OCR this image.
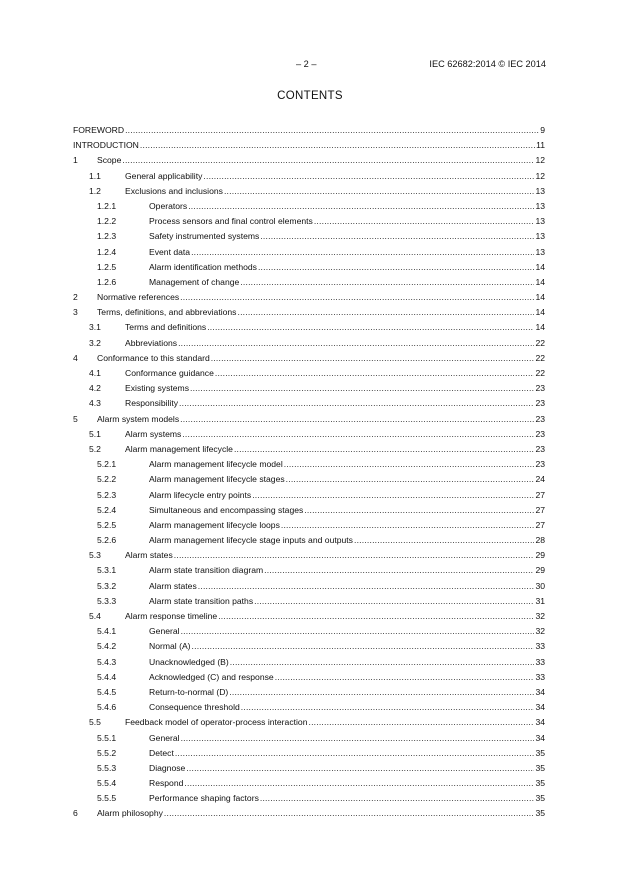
– 2 –	IEC 62682:2014 © IEC 2014
CONTENTS
FOREWORD .....	9
INTRODUCTION .....	11
1	Scope .....	12
1.1	General applicability .....	12
1.2	Exclusions and inclusions .....	13
1.2.1	Operators .....	13
1.2.2	Process sensors and final control elements .....	13
1.2.3	Safety instrumented systems .....	13
1.2.4	Event data .....	13
1.2.5	Alarm identification methods .....	14
1.2.6	Management of change .....	14
2	Normative references .....	14
3	Terms, definitions, and abbreviations .....	14
3.1	Terms and definitions .....	14
3.2	Abbreviations .....	22
4	Conformance to this standard .....	22
4.1	Conformance guidance .....	22
4.2	Existing systems .....	23
4.3	Responsibility .....	23
5	Alarm system models .....	23
5.1	Alarm systems .....	23
5.2	Alarm management lifecycle .....	23
5.2.1	Alarm management lifecycle model .....	23
5.2.2	Alarm management lifecycle stages .....	24
5.2.3	Alarm lifecycle entry points .....	27
5.2.4	Simultaneous and encompassing stages .....	27
5.2.5	Alarm management lifecycle loops .....	27
5.2.6	Alarm management lifecycle stage inputs and outputs .....	28
5.3	Alarm states .....	29
5.3.1	Alarm state transition diagram .....	29
5.3.2	Alarm states .....	30
5.3.3	Alarm state transition paths .....	31
5.4	Alarm response timeline .....	32
5.4.1	General .....	32
5.4.2	Normal (A) .....	33
5.4.3	Unacknowledged (B) .....	33
5.4.4	Acknowledged (C) and response .....	33
5.4.5	Return-to-normal (D) .....	34
5.4.6	Consequence threshold .....	34
5.5	Feedback model of operator-process interaction .....	34
5.5.1	General .....	34
5.5.2	Detect .....	35
5.5.3	Diagnose .....	35
5.5.4	Respond .....	35
5.5.5	Performance shaping factors .....	35
6	Alarm philosophy .....	35
